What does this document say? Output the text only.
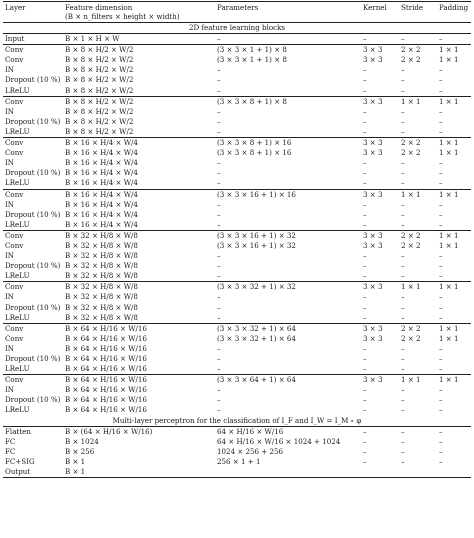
Layer	Feature dimension	Parameters	Kernel	Stride	Padding
	(B × n_filters × height × width)				
2D feature learning blocks					
Input	B × 1 × H × W	–	–	–	–
Conv	B × 8 × H/2 × W/2	(3 × 3 × 1 + 1) × 8	3 × 3	2 × 2	1 × 1
Conv	B × 8 × H/2 × W/2	(3 × 3 × 1 + 1) × 8	3 × 3	2 × 2	1 × 1
IN	B × 8 × H/2 × W/2	–	–	–	–
Dropout (10 %)	B × 8 × H/2 × W/2	–	–	–	–
LReLU	B × 8 × H/2 × W/2	–	–	–	–
Conv	B × 8 × H/2 × W/2	(3 × 3 × 8 + 1) × 8	3 × 3	1 × 1	1 × 1
IN	B × 8 × H/2 × W/2	–	–	–	–
Dropout (10 %)	B × 8 × H/2 × W/2	–	–	–	–
LReLU	B × 8 × H/2 × W/2	–	–	–	–
Conv	B × 16 × H/4 × W/4	(3 × 3 × 8 + 1) × 16	3 × 3	2 × 2	1 × 1
Conv	B × 16 × H/4 × W/4	(3 × 3 × 8 + 1) × 16	3 × 3	2 × 2	1 × 1
IN	B × 16 × H/4 × W/4	–	–	–	–
Dropout (10 %)	B × 16 × H/4 × W/4	–	–	–	–
LReLU	B × 16 × H/4 × W/4	–	–	–	–
Conv	B × 16 × H/4 × W/4	(3 × 3 × 16 + 1) × 16	3 × 3	1 × 1	1 × 1
IN	B × 16 × H/4 × W/4	–	–	–	–
Dropout (10 %)	B × 16 × H/4 × W/4	–	–	–	–
LReLU	B × 16 × H/4 × W/4	–	–	–	–
Conv	B × 32 × H/8 × W/8	(3 × 3 × 16 + 1) × 32	3 × 3	2 × 2	1 × 1
Conv	B × 32 × H/8 × W/8	(3 × 3 × 16 + 1) × 32	3 × 3	2 × 2	1 × 1
IN	B × 32 × H/8 × W/8	–	–	–	–
Dropout (10 %)	B × 32 × H/8 × W/8	–	–	–	–
LReLU	B × 32 × H/8 × W/8	–	–	–	–
Conv	B × 32 × H/8 × W/8	(3 × 3 × 32 + 1) × 32	3 × 3	1 × 1	1 × 1
IN	B × 32 × H/8 × W/8	–	–	–	–
Dropout (10 %)	B × 32 × H/8 × W/8	–	–	–	–
LReLU	B × 32 × H/8 × W/8	–	–	–	–
Conv	B × 64 × H/16 × W/16	(3 × 3 × 32 + 1) × 64	3 × 3	2 × 2	1 × 1
Conv	B × 64 × H/16 × W/16	(3 × 3 × 32 + 1) × 64	3 × 3	2 × 2	1 × 1
IN	B × 64 × H/16 × W/16	–	–	–	–
Dropout (10 %)	B × 64 × H/16 × W/16	–	–	–	–
LReLU	B × 64 × H/16 × W/16	–	–	–	–
Conv	B × 64 × H/16 × W/16	(3 × 3 × 64 + 1) × 64	3 × 3	1 × 1	1 × 1
IN	B × 64 × H/16 × W/16	–	–	–	–
Dropout (10 %)	B × 64 × H/16 × W/16	–	–	–	–
LReLU	B × 64 × H/16 × W/16	–	–	–	–
Multi-layer perceptron for the classification of I_F and I_W = I_M ∘ φ					
Flatten	B × (64 × H/16 × W/16)	64 × H/16 × W/16	–	–	–
FC	B × 1024	64 × H/16 × W/16 × 1024 + 1024	–	–	–
FC	B × 256	1024 × 256 + 256	–	–	–
FC+SIG	B × 1	256 × 1 + 1	–	–	–
Output	B × 1				
